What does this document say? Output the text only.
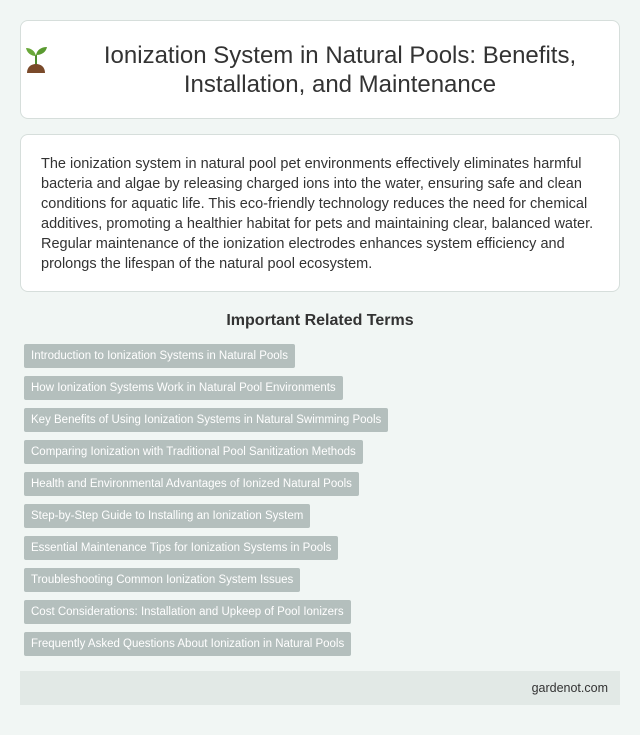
Ionization System in Natural Pools: Benefits, Installation, and Maintenance

The ionization system in natural pool pet environments effectively eliminates harmful bacteria and algae by releasing charged ions into the water, ensuring safe and clean conditions for aquatic life. This eco-friendly technology reduces the need for chemical additives, promoting a healthier habitat for pets and maintaining clear, balanced water. Regular maintenance of the ionization electrodes enhances system efficiency and prolongs the lifespan of the natural pool ecosystem.

Important Related Terms
Introduction to Ionization Systems in Natural Pools
How Ionization Systems Work in Natural Pool Environments
Key Benefits of Using Ionization Systems in Natural Swimming Pools
Comparing Ionization with Traditional Pool Sanitization Methods
Health and Environmental Advantages of Ionized Natural Pools
Step-by-Step Guide to Installing an Ionization System
Essential Maintenance Tips for Ionization Systems in Pools
Troubleshooting Common Ionization System Issues
Cost Considerations: Installation and Upkeep of Pool Ionizers
Frequently Asked Questions About Ionization in Natural Pools
gardenot.com
